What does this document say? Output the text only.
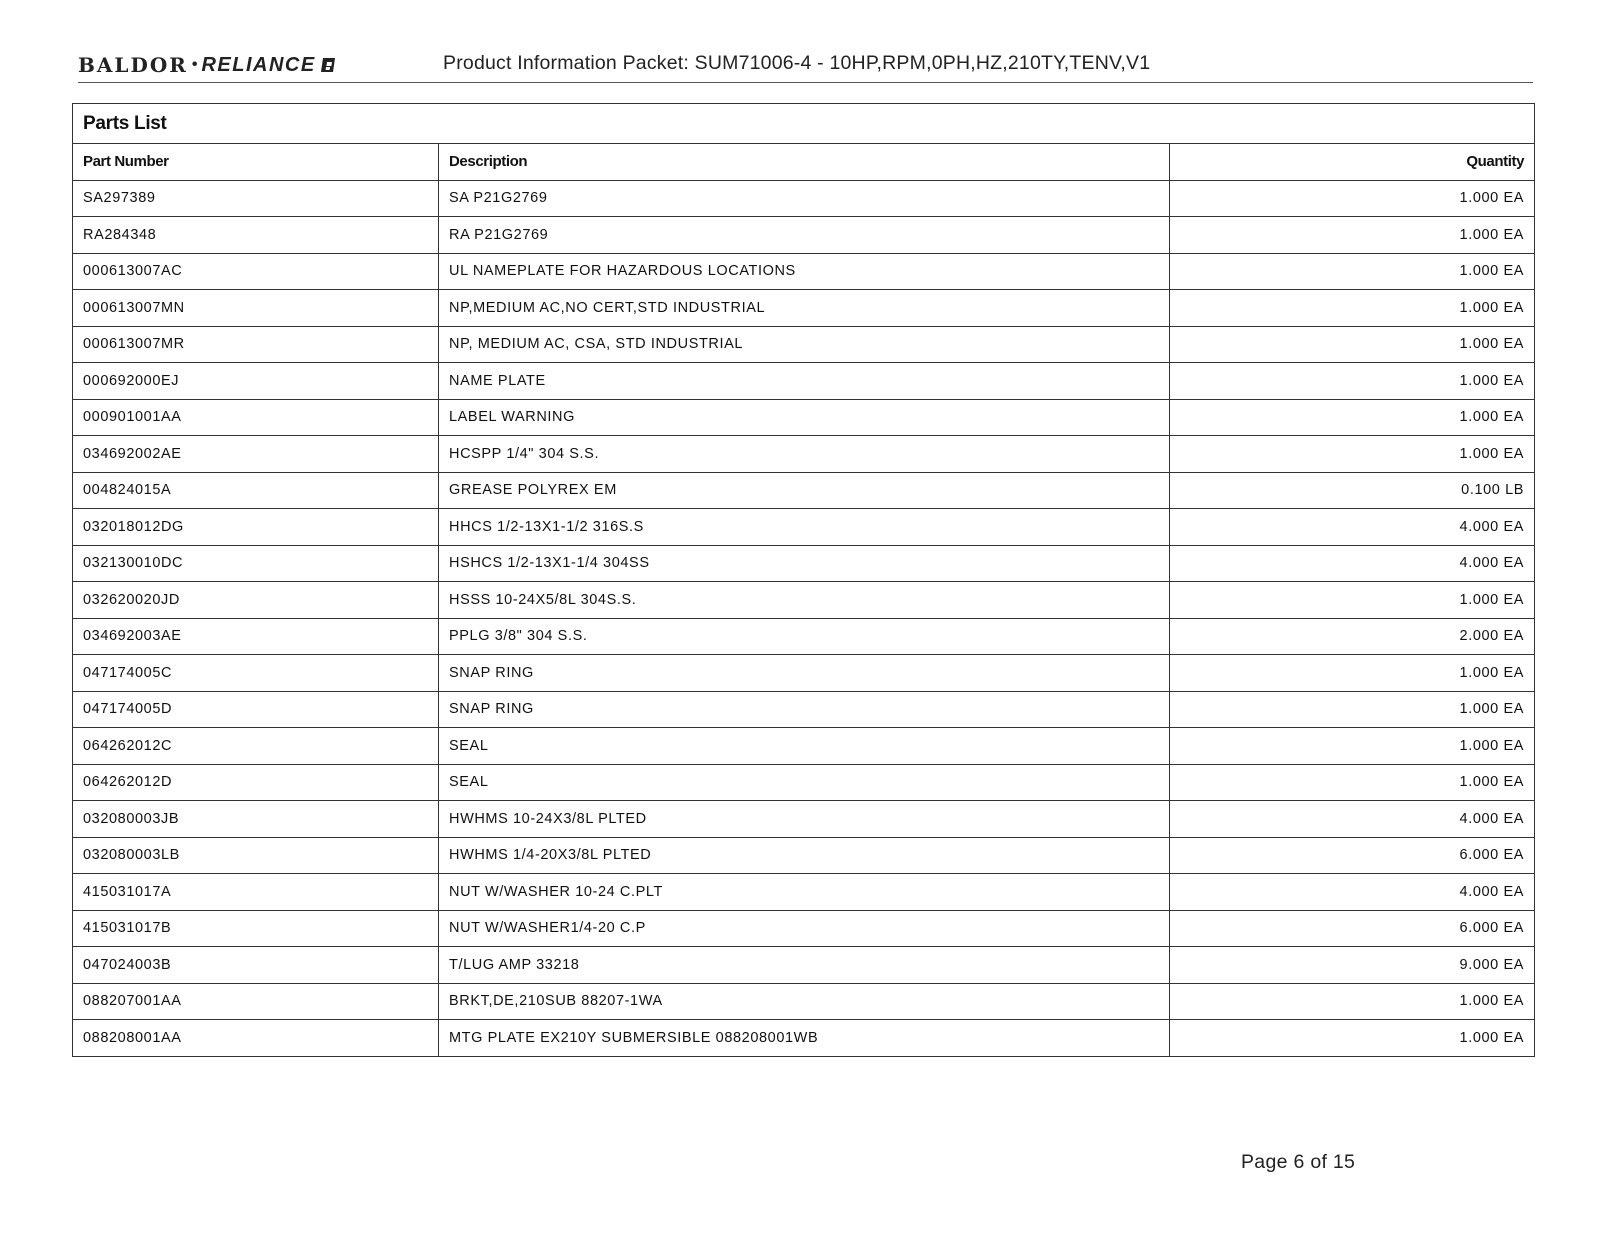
BALDOR • RELIANCE	Product Information Packet: SUM71006-4 - 10HP,RPM,0PH,HZ,210TY,TENV,V1
Parts List		
Part Number	Description	Quantity
SA297389	SA P21G2769	1.000 EA
RA284348	RA P21G2769	1.000 EA
000613007AC	UL NAMEPLATE FOR HAZARDOUS LOCATIONS	1.000 EA
000613007MN	NP,MEDIUM AC,NO CERT,STD INDUSTRIAL	1.000 EA
000613007MR	NP, MEDIUM AC, CSA, STD INDUSTRIAL	1.000 EA
000692000EJ	NAME PLATE	1.000 EA
000901001AA	LABEL WARNING	1.000 EA
034692002AE	HCSPP 1/4" 304 S.S.	1.000 EA
004824015A	GREASE POLYREX EM	0.100 LB
032018012DG	HHCS 1/2-13X1-1/2 316S.S	4.000 EA
032130010DC	HSHCS 1/2-13X1-1/4 304SS	4.000 EA
032620020JD	HSSS 10-24X5/8L 304S.S.	1.000 EA
034692003AE	PPLG 3/8" 304 S.S.	2.000 EA
047174005C	SNAP RING	1.000 EA
047174005D	SNAP RING	1.000 EA
064262012C	SEAL	1.000 EA
064262012D	SEAL	1.000 EA
032080003JB	HWHMS 10-24X3/8L PLTED	4.000 EA
032080003LB	HWHMS 1/4-20X3/8L PLTED	6.000 EA
415031017A	NUT W/WASHER 10-24 C.PLT	4.000 EA
415031017B	NUT W/WASHER1/4-20 C.P	6.000 EA
047024003B	T/LUG AMP 33218	9.000 EA
088207001AA	BRKT,DE,210SUB 88207-1WA	1.000 EA
088208001AA	MTG PLATE EX210Y SUBMERSIBLE 088208001WB	1.000 EA
Page 6 of 15
